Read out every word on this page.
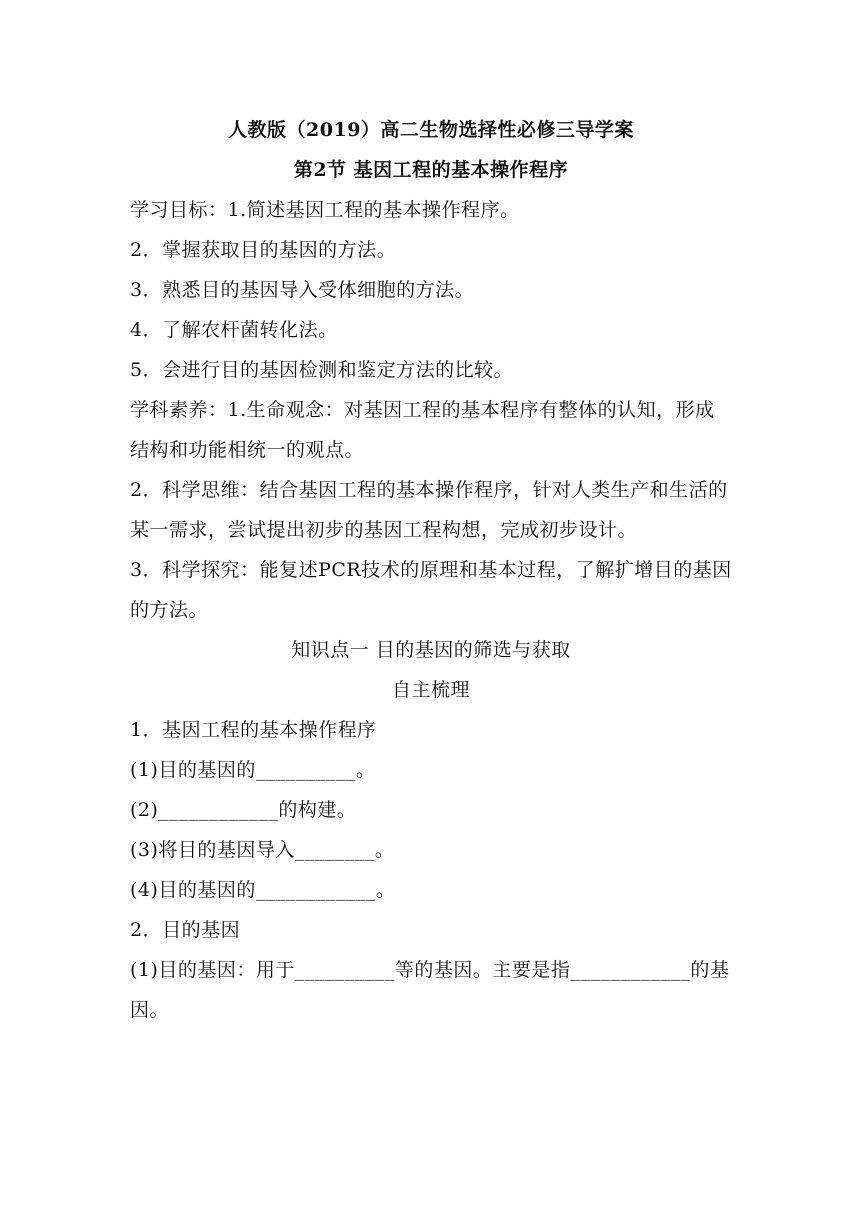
人教版（2019）高二生物选择性必修三导学案
第2节 基因工程的基本操作程序
学习目标：1.简述基因工程的基本操作程序。
2．掌握获取目的基因的方法。
3．熟悉目的基因导入受体细胞的方法。
4．了解农杆菌转化法。
5．会进行目的基因检测和鉴定方法的比较。
学科素养：1.生命观念：对基因工程的基本程序有整体的认知，形成结构和功能相统一的观点。
2．科学思维：结合基因工程的基本操作程序，针对人类生产和生活的某一需求，尝试提出初步的基因工程构想，完成初步设计。
3．科学探究：能复述PCR技术的原理和基本过程，了解扩增目的基因的方法。
知识点一 目的基因的筛选与获取
自主梳理
1．基因工程的基本操作程序
(1)目的基因的__________。
(2)____________的构建。
(3)将目的基因导入________。
(4)目的基因的____________。
2．目的基因
(1)目的基因：用于__________等的基因。主要是指____________的基因。
